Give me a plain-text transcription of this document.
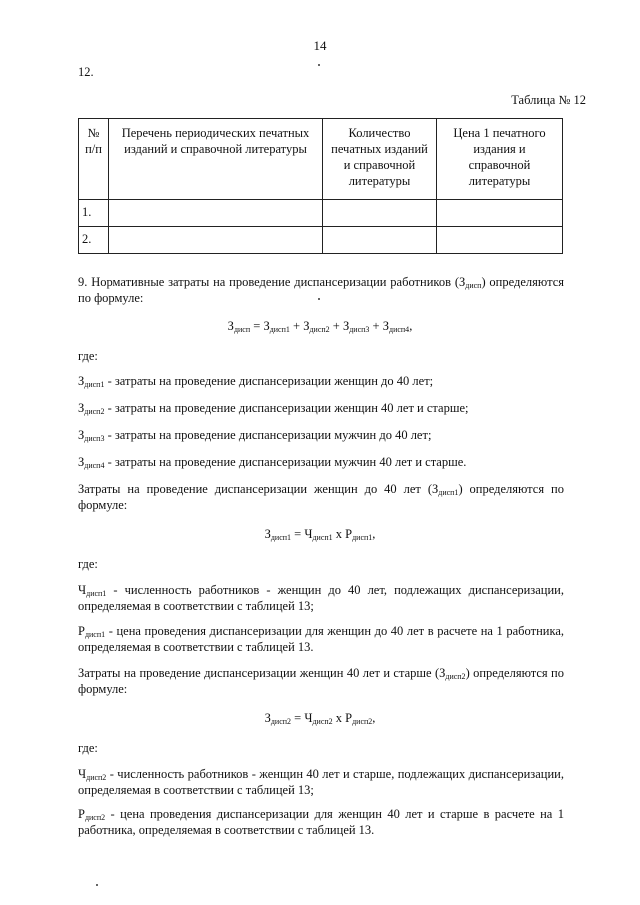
14
12.
Таблица № 12
№ п/п	Перечень периодических печатных изданий и справочной литературы	Количество печатных изданий и справочной литературы	Цена 1 печатного издания и справочной литературы
1.			
2.			
9. Нормативные затраты на проведение диспансеризации работников $(З_{дисп})$ определяются по формуле:
$З_{дисп} = З_{дисп1} + З_{дисп2} + З_{дисп3} + З_{дисп4}$,
где:
$З_{дисп1}$ - затраты на проведение диспансеризации женщин до 40 лет;
$З_{дисп2}$ - затраты на проведение диспансеризации женщин 40 лет и старше;
$З_{дисп3}$ - затраты на проведение диспансеризации мужчин до 40 лет;
$З_{дисп4}$ - затраты на проведение диспансеризации мужчин 40 лет и старше.
Затраты на проведение диспансеризации женщин до 40 лет $(З_{дисп1})$ определяются по формуле:
$З_{дисп1} = Ч_{дисп1}$ x $Р_{дисп1}$,
где:
$Ч_{дисп1}$ - численность работников - женщин до 40 лет, подлежащих диспансеризации, определяемая в соответствии с таблицей 13;
$Р_{дисп1}$ - цена проведения диспансеризации для женщин до 40 лет в расчете на 1 работника, определяемая в соответствии с таблицей 13.
Затраты на проведение диспансеризации женщин 40 лет и старше $(З_{дисп2})$ определяются по формуле:
$З_{дисп2} = Ч_{дисп2}$ x $Р_{дисп2}$,
где:
$Ч_{дисп2}$ - численность работников - женщин 40 лет и старше, подлежащих диспансеризации, определяемая в соответствии с таблицей 13;
$Р_{дисп2}$ - цена проведения диспансеризации для женщин 40 лет и старше в расчете на 1 работника, определяемая в соответствии с таблицей 13.
